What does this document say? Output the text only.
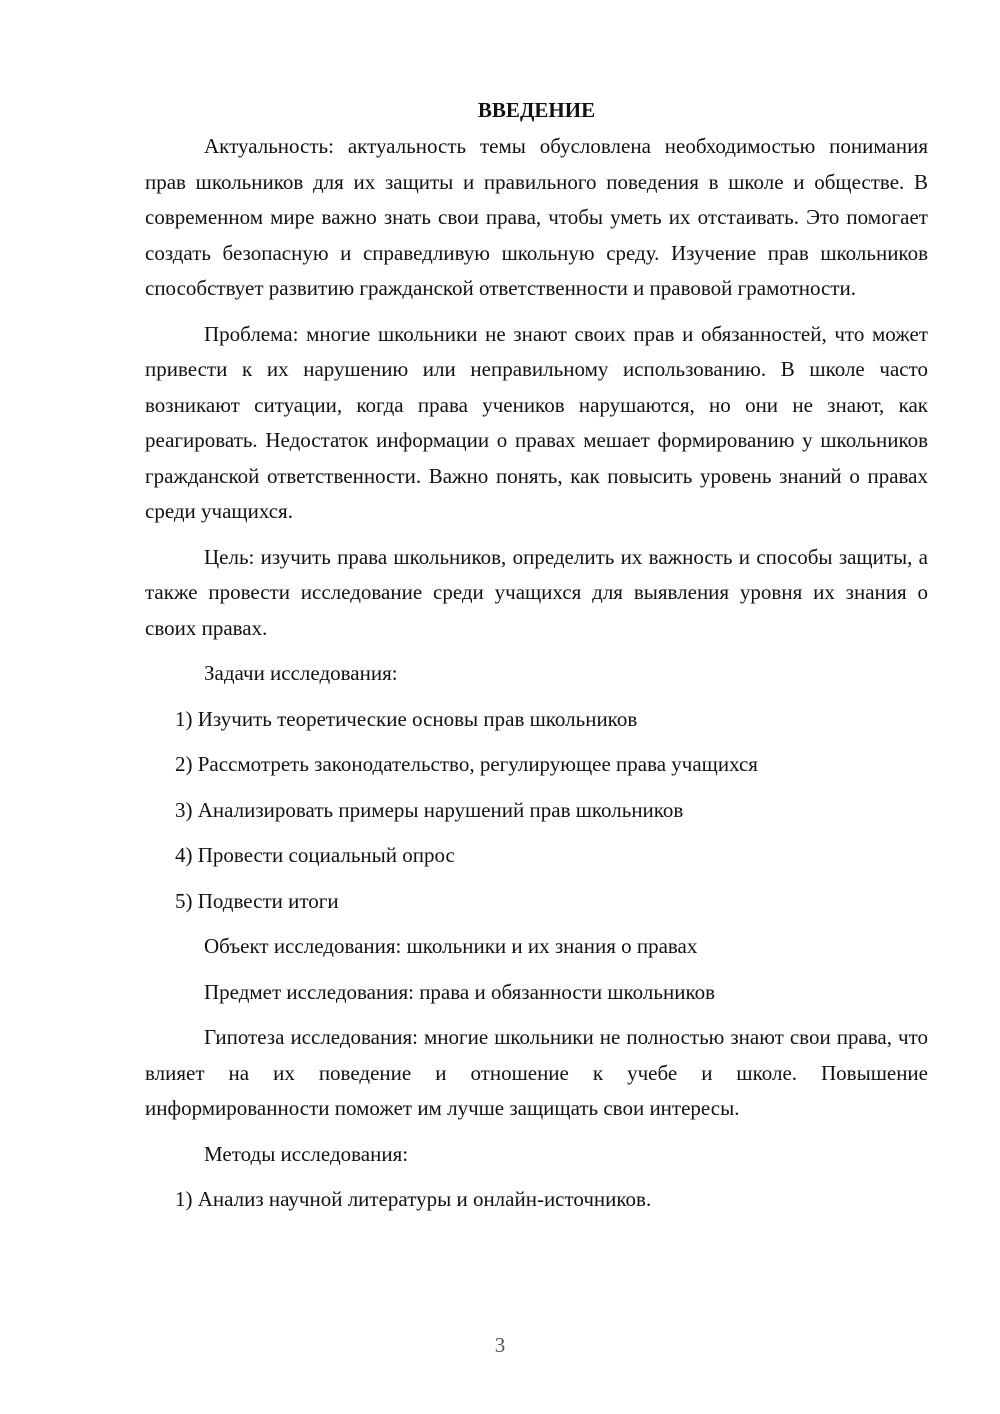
ВВЕДЕНИЕ

Актуальность: актуальность темы обусловлена необходимостью понимания прав школьников для их защиты и правильного поведения в школе и обществе. В современном мире важно знать свои права, чтобы уметь их отстаивать. Это помогает создать безопасную и справедливую школьную среду. Изучение прав школьников способствует развитию гражданской ответственности и правовой грамотности.

Проблема: многие школьники не знают своих прав и обязанностей, что может привести к их нарушению или неправильному использованию. В школе часто возникают ситуации, когда права учеников нарушаются, но они не знают, как реагировать. Недостаток информации о правах мешает формированию у школьников гражданской ответственности. Важно понять, как повысить уровень знаний о правах среди учащихся.

Цель: изучить права школьников, определить их важность и способы защиты, а также провести исследование среди учащихся для выявления уровня их знания о своих правах.

Задачи исследования:
1) Изучить теоретические основы прав школьников
2) Рассмотреть законодательство, регулирующее права учащихся
3) Анализировать примеры нарушений прав школьников
4) Провести социальный опрос
5) Подвести итоги
Объект исследования: школьники и их знания о правах
Предмет исследования: права и обязанности школьников

Гипотеза исследования: многие школьники не полностью знают свои права, что влияет на их поведение и отношение к учебе и школе. Повышение информированности поможет им лучше защищать свои интересы.

Методы исследования:
1) Анализ научной литературы и онлайн-источников.
3
